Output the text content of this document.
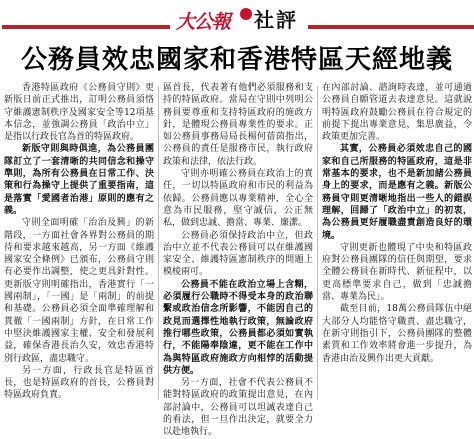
大公報	社評
公務員效忠國家和香港特區天經地義

香港特區政府《公務員守則》更新版日前正式推出，訂明公務員須恪守維護憲制秩序及國家安全等12項基本信念，並強調公務員「政治中立」是指以行政長官為首的特區政府。

新版守則與時俱進，為公務員團隊訂立了一套清晰的共同信念和操守準則，為所有公務員在日常工作、決策和行為操守上提供了重要指南，這是落實「愛國者治港」原則的應有之義。

守則全面明確「治治及興」的新階段，一方面社會各界對公務員的期待和要求越來越高，另一方面《維護國家安全條例》已頒布，公務員守則有必要作出調整，使之更具針對性。更新版守則明確指出，香港實行「一國兩制」，「一國」是「兩制」的前提和基礎。公務員必須全面準確理解和貫徹「一國兩制」方針，在日常工作中堅決維護國家主權、安全和發展利益，確保香港長治久安，效忠香港特別行政區，盡忠職守。

另一方面，行政長官是特區首長，也是特區政府的首長，公務員對特區政府負責。

區首長，代表著有他們必須服務和支持的特區政府。當局在守則中列明公務員要尊重和支持特區政府的施政方針，是體現公務員專業性的要求。正如公務員事務局局長楊何蓓茵指出，公務員的責任是服務市民，執行政府政策和法律，依法行政。

守則亦明確公務員在政治上的責任，一切以特區政府和市民的利益為依歸。公務員應以專業精神，全心全意為市民服務，堅守誠信，公正無私，做到忠誠、擔當、專業、廉潔。

公務員必須保持政治中立，但政治中立並不代表公務員可以在維護國家安全、維護特區憲制秩序的問題上模棱兩可。

公務員不能在政治立場上含糊，必須履行公職時不得受本身的政治聯繫或政治信念所影響，不能因自己的政見而選擇性地執行政策，無論政府推行哪些政策，公務員都必須如實執行，不能陽奉陰違，更不能在工作中為與特區政府施政方向相悖的活動提供方便。

另一方面，社會不代表公務員不能對特區政府的政策提出意見，在內部討論中，公務員可以坦誠表達自己的看法，但一旦作出決定，就要全力以赴地執行。

在內部討論、諮詢時表達，並可通過公務員自願管道去表達意見。這就說明特區政府鼓勵公務員在符合規定的前提下提出專業意見，集思廣益，令政策更加完善。

其實，公務員必須效忠自己的國家和自己所服務的特區政府，這是非常基本的要求，也不是新加諸公務員身上的要求，而是應有之義。新版公務員守則更清晰地指出一些人的錯誤理解，回歸了「政治中立」的初衷，為公務員更好履職盡責創造良好的環境。

守則更新也體現了中央和特區政府對公務員團隊的信任與期望，要求全體公務員在新時代、新征程中，以更高標準要求自己，做到「忠誠擔當、專業為民」。

截至目前，18萬公務員隊伍中絕大部分人均能恪守職責、盡忠職守，在新守則指引下，公務員團隊的整體素質和工作效率將會進一步提升，為香港由治及興作出更大貢獻。
